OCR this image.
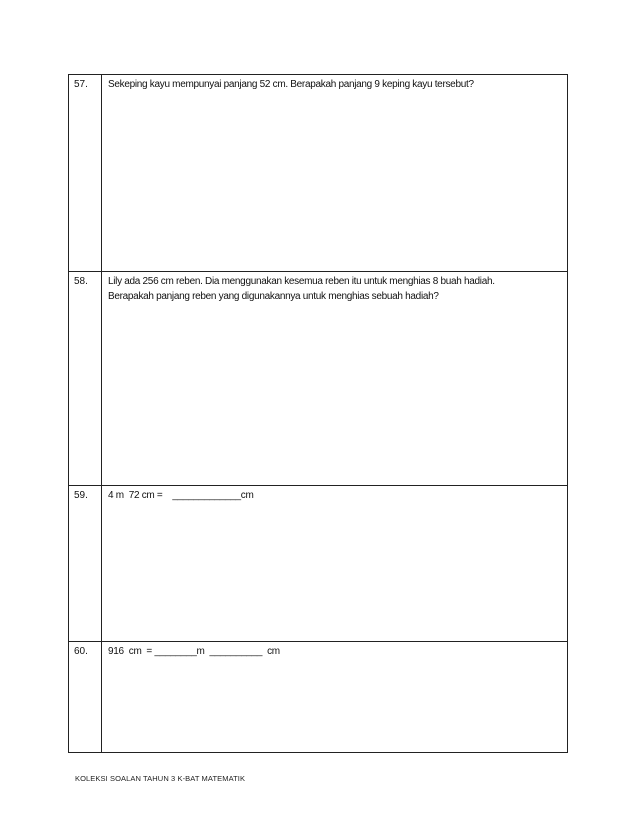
57.	Sekeping kayu mempunyai panjang 52 cm. Berapakah panjang 9 keping kayu tersebut?

58.	Lily ada 256 cm reben. Dia menggunakan kesemua reben itu untuk menghias 8 buah hadiah.
Berapakah panjang reben yang digunakannya untuk menghias sebuah hadiah?

59.	4 m  72 cm =    _____________cm

60.	916  cm  = ________m  __________  cm
KOLEKSI SOALAN TAHUN 3 K-BAT MATEMATIK
